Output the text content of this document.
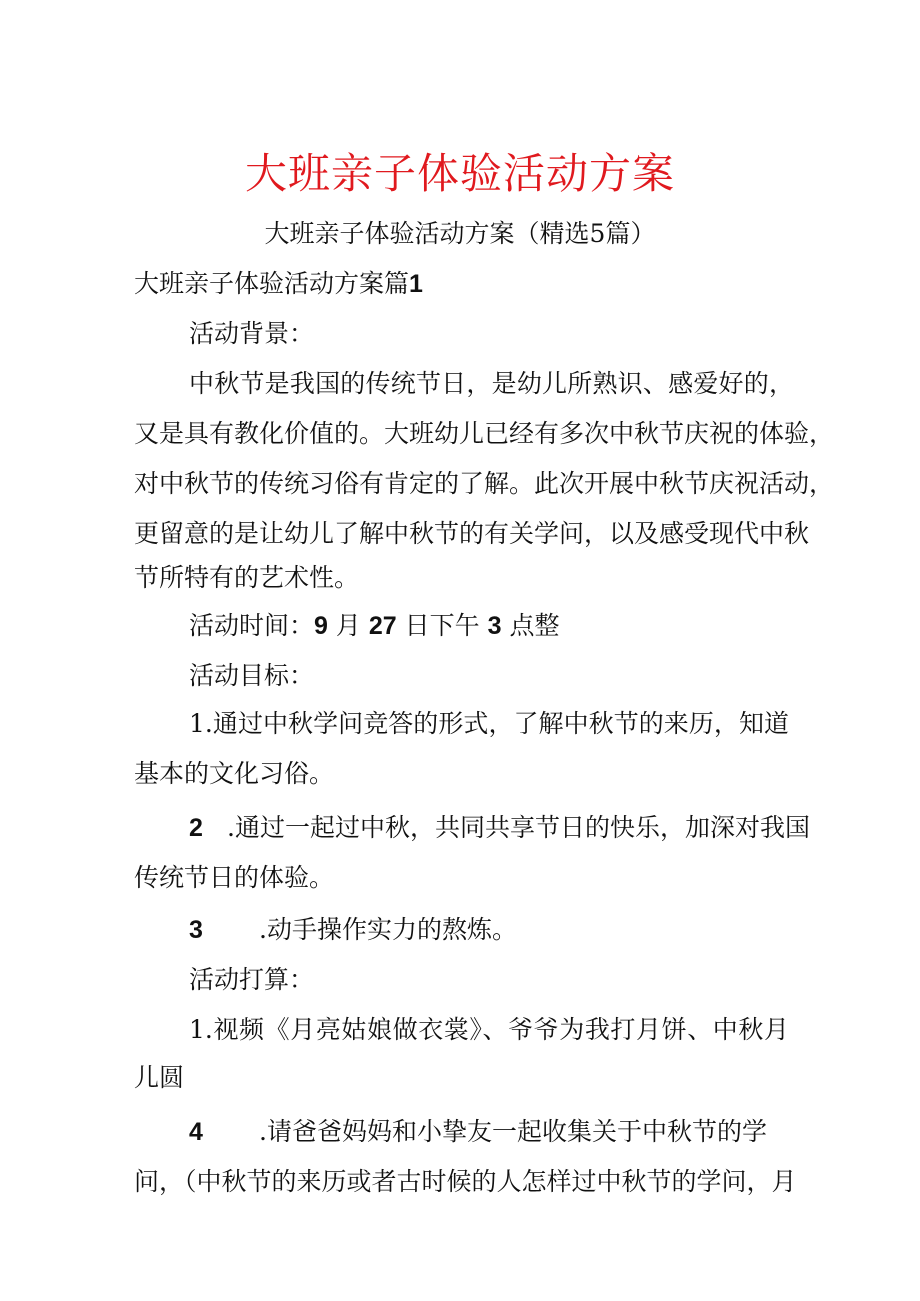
大班亲子体验活动方案
大班亲子体验活动方案（精选5篇）
大班亲子体验活动方案篇1
活动背景：
中秋节是我国的传统节日，是幼儿所熟识、感爱好的，
又是具有教化价值的。大班幼儿已经有多次中秋节庆祝的体验，
对中秋节的传统习俗有肯定的了解。此次开展中秋节庆祝活动，
更留意的是让幼儿了解中秋节的有关学问，以及感受现代中秋
节所特有的艺术性。
活动时间：9 月 27 日下午 3 点整
活动目标：
1.通过中秋学问竞答的形式，了解中秋节的来历，知道
基本的文化习俗。
2 .通过一起过中秋，共同共享节日的快乐，加深对我国
传统节日的体验。
3 .动手操作实力的熬炼。
活动打算：
1.视频《月亮姑娘做衣裳》、爷爷为我打月饼、中秋月
儿圆
4 .请爸爸妈妈和小挚友一起收集关于中秋节的学
问，（中秋节的来历或者古时候的人怎样过中秋节的学问，月
